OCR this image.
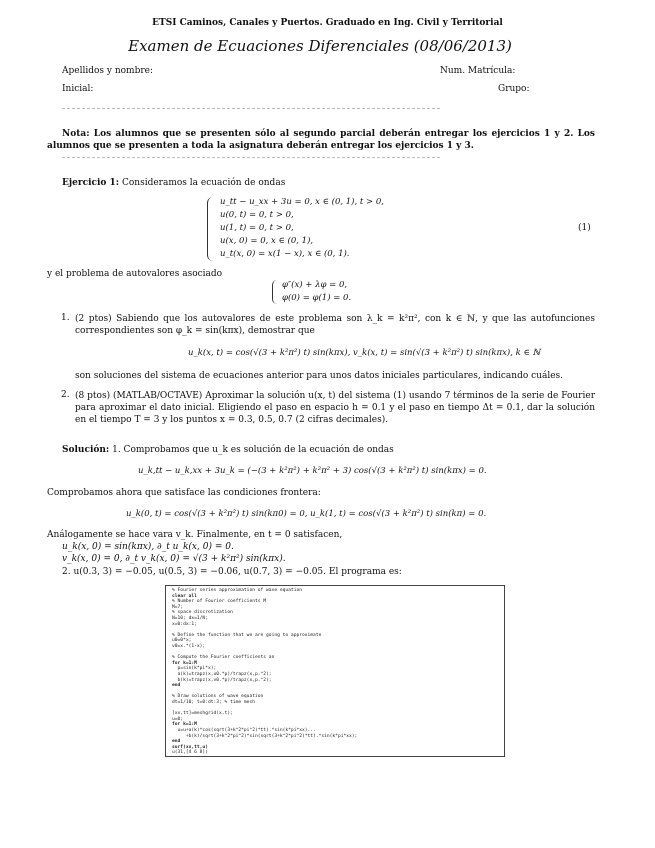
ETSI Caminos, Canales y Puertos. Graduado en Ing. Civil y Territorial
Examen de Ecuaciones Diferenciales (08/06/2013)
Apellidos y nombre:	Num. Matrícula:
Inicial:	Grupo:
Nota: Los alumnos que se presenten sólo al segundo parcial deberán entregar los ejercicios 1 y 2. Los alumnos que se presenten a toda la asignatura deberán entregar los ejercicios 1 y 3.
Ejercicio 1: Consideramos la ecuación de ondas
u_tt − u_xx + 3u = 0, x ∈ (0, 1), t > 0,
u(0, t) = 0, t > 0,
u(1, t) = 0, t > 0,
u(x, 0) = 0, x ∈ (0, 1),
u_t(x, 0) = x(1 − x), x ∈ (0, 1).
(1)
y el problema de autovalores asociado
φ″(x) + λφ = 0,
φ(0) = φ(1) = 0.
1. (2 ptos) Sabiendo que los autovalores de este problema son λ_k = k²π², con k ∈ ℕ, y que las autofunciones correspondientes son φ_k = sin(kπx), demostrar que
u_k(x, t) = cos(√(3 + k²π²) t) sin(kπx), v_k(x, t) = sin(√(3 + k²π²) t) sin(kπx), k ∈ ℕ
son soluciones del sistema de ecuaciones anterior para unos datos iniciales particulares, indicando cuáles.
2. (8 ptos) (MATLAB/OCTAVE) Aproximar la solución u(x, t) del sistema (1) usando 7 términos de la serie de Fourier para aproximar el dato inicial. Eligiendo el paso en espacio h = 0.1 y el paso en tiempo Δt = 0.1, dar la solución en el tiempo T = 3 y los puntos x = 0.3, 0.5, 0.7 (2 cifras decimales).
Solución: 1. Comprobamos que u_k es solución de la ecuación de ondas
u_k,tt − u_k,xx + 3u_k = (−(3 + k²π²) + k²π² + 3) cos(√(3 + k²π²) t) sin(kπx) = 0.
Comprobamos ahora que satisface las condiciones frontera:
u_k(0, t) = cos(√(3 + k²π²) t) sin(kπ0) = 0, u_k(1, t) = cos(√(3 + k²π²) t) sin(kπ) = 0.
Análogamente se hace vara v_k. Finalmente, en t = 0 satisfacen,
u_k(x, 0) = sin(kπx), ∂_t u_k(x, 0) = 0.
v_k(x, 0) = 0, ∂_t v_k(x, 0) = √(3 + k²π²) sin(kπx).
2. u(0.3, 3) = −0.05, u(0.5, 3) = −0.06, u(0.7, 3) = −0.05. El programa es:
% Fourier series approximation of wave equation
clear all
% Number of Fourier coefficients M
M=7;
% space discretization
N=10; dx=1/N;
x=0:dx:1;
% Define the function that we are going to approximate
u0=0*x;
v0=x.*(1-x);
% Compute the Fourier coefficients an
for k=1:M
p=sin(k*pi*x);
a(k)=trapz(x,u0.*p)/trapz(x,p.^2);
b(k)=trapz(x,v0.*p)/trapz(x,p.^2);
end
% Draw solutions of wave equation
dt=1/10; t=0:dt:3; % time mesh
[xx,tt]=meshgrid(x,t);
u=0;
for k=1:M
u=u+a(k)*cos(sqrt(3+k^2*pi^2)*tt).*sin(k*pi*xx)...
+b(k)/sqrt(3+k^2*pi^2)*sin(sqrt(3+k^2*pi^2)*tt).*sin(k*pi*xx);
end
surf(xx,tt,u)
u(31,[4 6 8])
